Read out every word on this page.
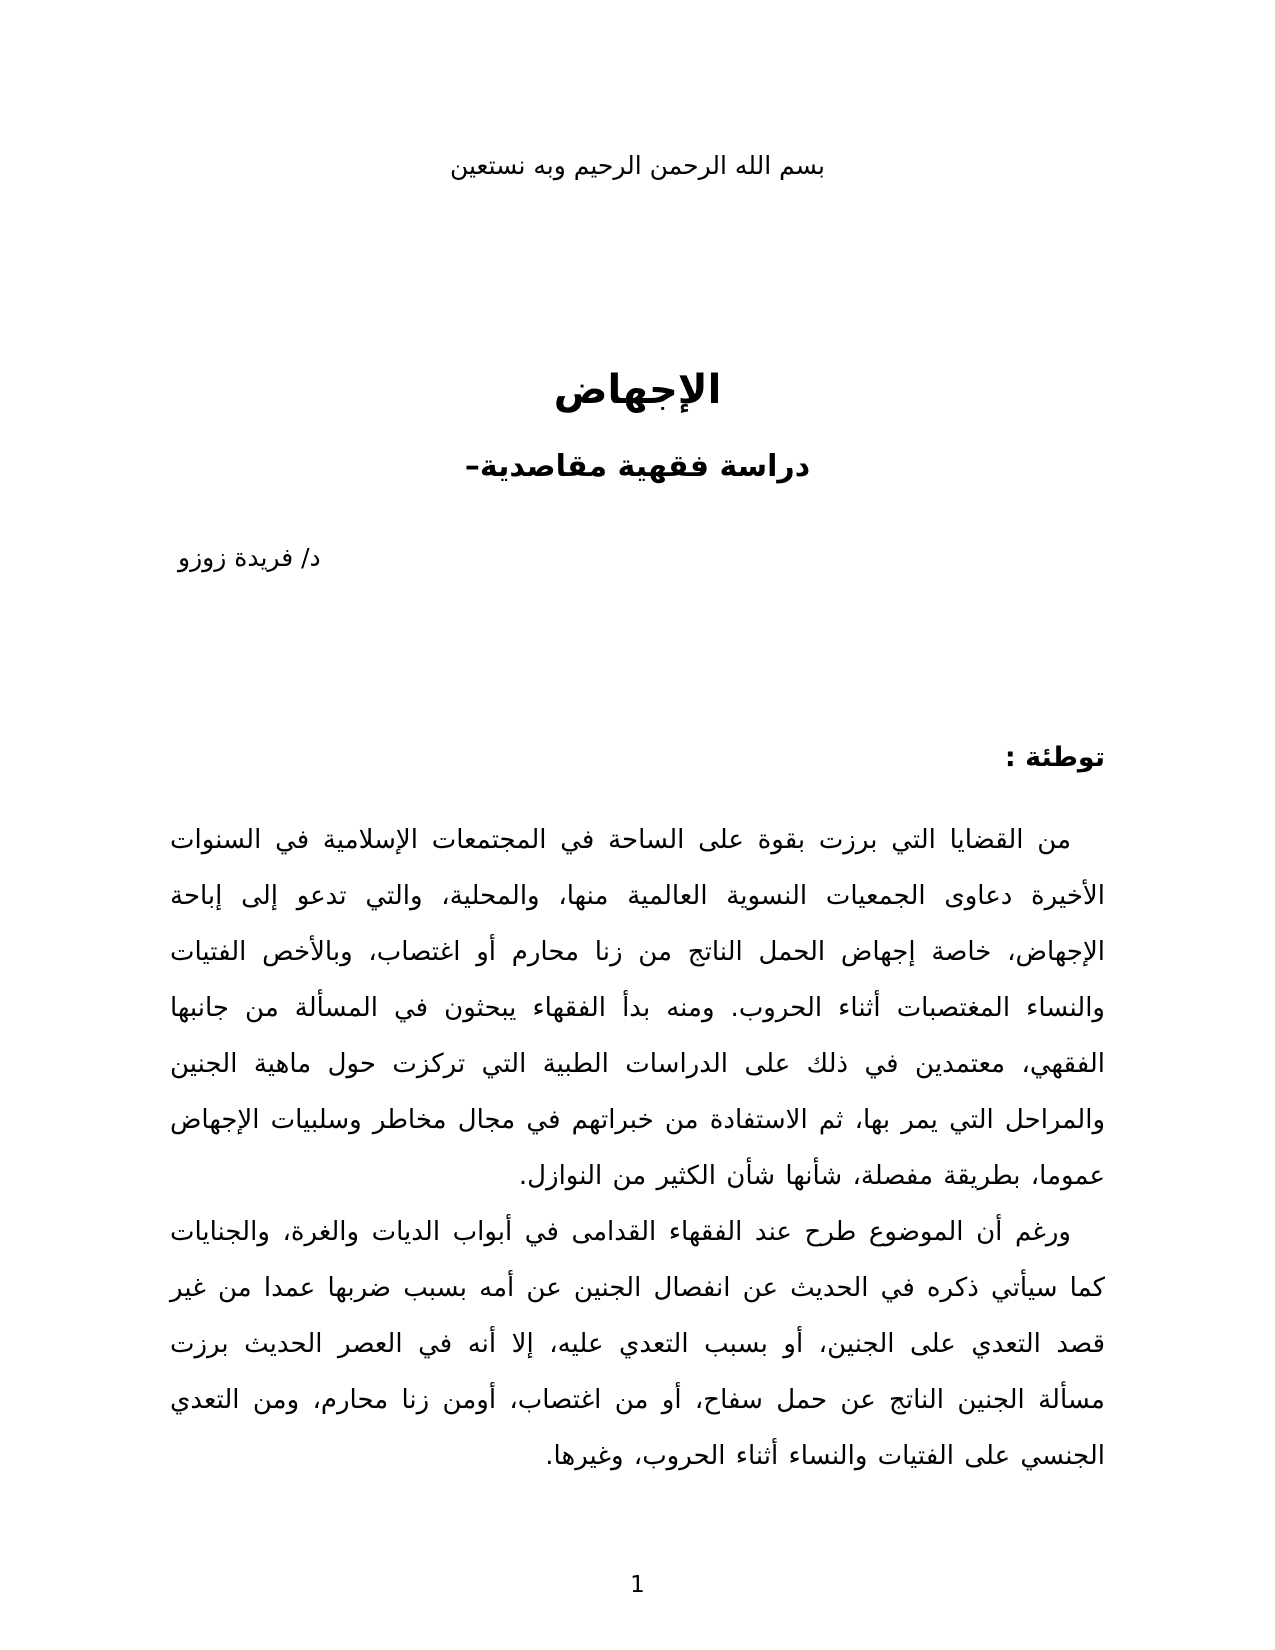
بسم الله الرحمن الرحيم وبه نستعين
الإجهاض
دراسة فقهية مقاصدية–
د/ فريدة زوزو
توطئة :

من القضايا التي برزت بقوة على الساحة في المجتمعات الإسلامية في السنوات الأخيرة دعاوى الجمعيات النسوية العالمية منها، والمحلية، والتي تدعو إلى إباحة الإجهاض، خاصة إجهاض الحمل الناتج من زنا محارم أو اغتصاب، وبالأخص الفتيات والنساء المغتصبات أثناء الحروب. ومنه بدأ الفقهاء يبحثون في المسألة من جانبها الفقهي، معتمدين في ذلك على الدراسات الطبية التي تركزت حول ماهية الجنين والمراحل التي يمر بها، ثم الاستفادة من خبراتهم في مجال مخاطر وسلبيات الإجهاض عموما، بطريقة مفصلة، شأنها شأن الكثير من النوازل.

ورغم أن الموضوع طرح عند الفقهاء القدامى في أبواب الديات والغرة، والجنايات كما سيأتي ذكره في الحديث عن انفصال الجنين عن أمه بسبب ضربها عمدا من غير قصد التعدي على الجنين، أو بسبب التعدي عليه، إلا أنه في العصر الحديث برزت مسألة الجنين الناتج عن حمل سفاح، أو من اغتصاب، أومن زنا محارم، ومن التعدي الجنسي على الفتيات والنساء أثناء الحروب، وغيرها.

1
